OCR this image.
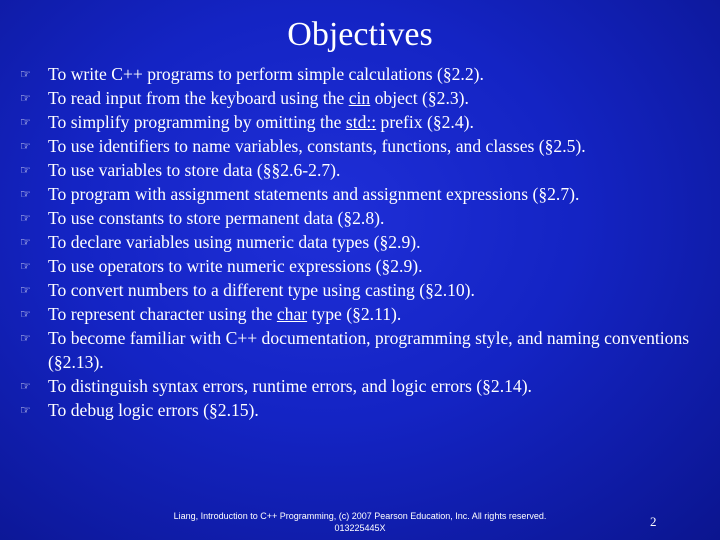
Objectives
☞ To write C++ programs to perform simple calculations (§2.2).
☞ To read input from the keyboard using the cin object (§2.3).
☞ To simplify programming by omitting the std:: prefix (§2.4).
☞ To use identifiers to name variables, constants, functions, and classes (§2.5).
☞ To use variables to store data (§§2.6-2.7).
☞ To program with assignment statements and assignment expressions (§2.7).
☞ To use constants to store permanent data (§2.8).
☞ To declare variables using numeric data types (§2.9).
☞ To use operators to write numeric expressions (§2.9).
☞ To convert numbers to a different type using casting (§2.10).
☞ To represent character using the char type (§2.11).
☞ To become familiar with C++ documentation, programming style, and naming conventions (§2.13).
☞ To distinguish syntax errors, runtime errors, and logic errors (§2.14).
☞ To debug logic errors (§2.15).
Liang, Introduction to C++ Programming, (c) 2007 Pearson Education, Inc. All rights reserved.
013225445X	2
